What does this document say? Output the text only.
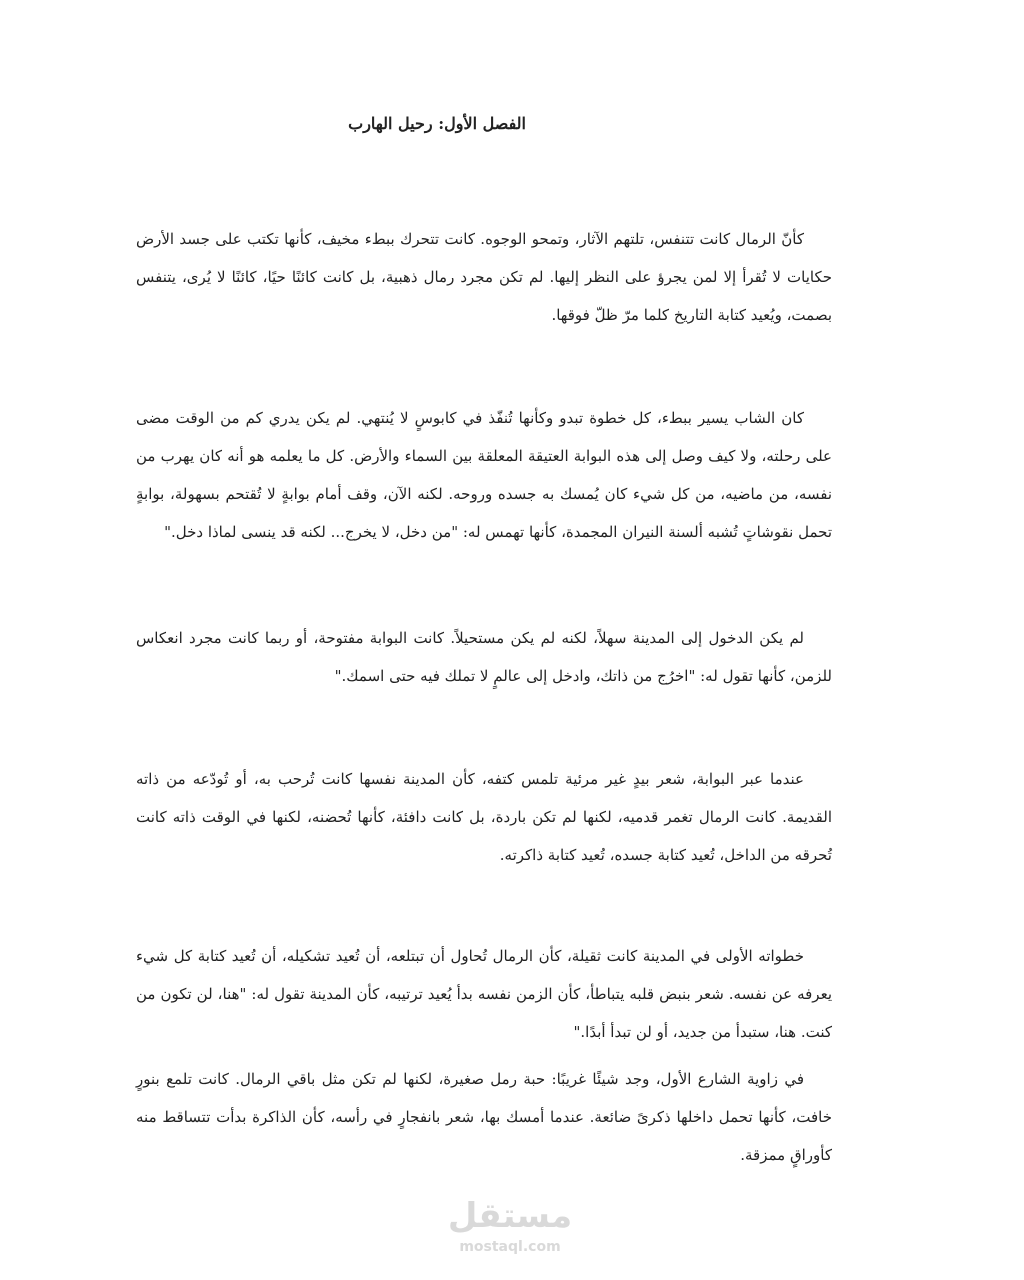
الفصل الأول: رحيل الهارب

كأنّ الرمال كانت تتنفس، تلتهم الآثار، وتمحو الوجوه. كانت تتحرك ببطء مخيف، كأنها تكتب على جسد الأرض حكايات لا تُقرأ إلا لمن يجرؤ على النظر إليها. لم تكن مجرد رمال ذهبية، بل كانت كائنًا حيًا، كائنًا لا يُرى، يتنفس بصمت، ويُعيد كتابة التاريخ كلما مرّ ظلّ فوقها.

كان الشاب يسير ببطء، كل خطوة تبدو وكأنها تُنفّذ في كابوسٍ لا يُنتهي. لم يكن يدري كم من الوقت مضى على رحلته، ولا كيف وصل إلى هذه البوابة العتيقة المعلقة بين السماء والأرض. كل ما يعلمه هو أنه كان يهرب من نفسه، من ماضيه، من كل شيء كان يُمسك به جسده وروحه. لكنه الآن، وقف أمام بوابةٍ لا تُقتحم بسهولة، بوابةٍ تحمل نقوشاتٍ تُشبه ألسنة النيران المجمدة، كأنها تهمس له: "من دخل، لا يخرج... لكنه قد ينسى لماذا دخل."

لم يكن الدخول إلى المدينة سهلاً، لكنه لم يكن مستحيلاً. كانت البوابة مفتوحة، أو ربما كانت مجرد انعكاس للزمن، كأنها تقول له: "اخرُج من ذاتك، وادخل إلى عالمٍ لا تملك فيه حتى اسمك."

عندما عبر البوابة، شعر بيدٍ غير مرئية تلمس كتفه، كأن المدينة نفسها كانت تُرحب به، أو تُودّعه من ذاته القديمة. كانت الرمال تغمر قدميه، لكنها لم تكن باردة، بل كانت دافئة، كأنها تُحضنه، لكنها في الوقت ذاته كانت تُحرقه من الداخل، تُعيد كتابة جسده، تُعيد كتابة ذاكرته.

خطواته الأولى في المدينة كانت ثقيلة، كأن الرمال تُحاول أن تبتلعه، أن تُعيد تشكيله، أن تُعيد كتابة كل شيء يعرفه عن نفسه. شعر بنبض قلبه يتباطأ، كأن الزمن نفسه بدأ يُعيد ترتيبه، كأن المدينة تقول له: "هنا، لن تكون من كنت. هنا، ستبدأ من جديد، أو لن تبدأ أبدًا."

في زاوية الشارع الأول، وجد شيئًا غريبًا: حبة رمل صغيرة، لكنها لم تكن مثل باقي الرمال. كانت تلمع بنورٍ خافت، كأنها تحمل داخلها ذكرىً ضائعة. عندما أمسك بها، شعر بانفجارٍ في رأسه، كأن الذاكرة بدأت تتساقط منه كأوراقٍ ممزقة.

مستقل
mostaql.com
